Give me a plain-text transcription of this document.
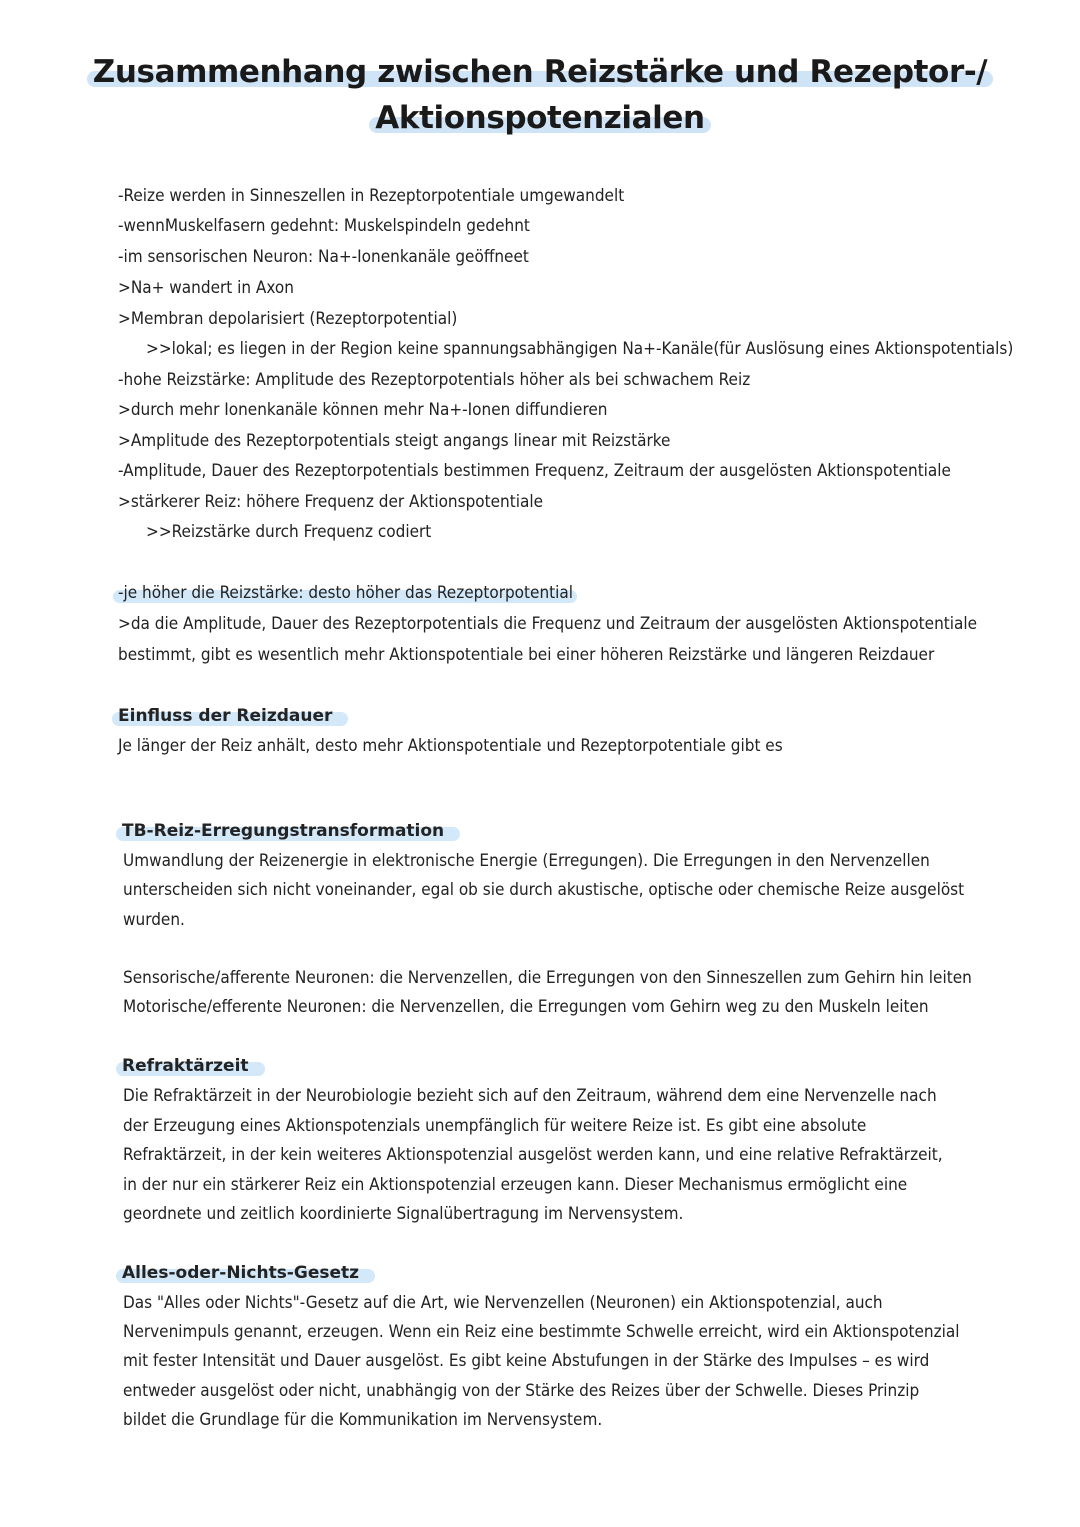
Zusammenhang zwischen Reizstärke und Rezeptor-/
Aktionspotenzialen

-Reize werden in Sinneszellen in Rezeptorpotentiale umgewandelt

-wennMuskelfasern gedehnt: Muskelspindeln gedehnt

-im sensorischen Neuron: Na+-Ionenkanäle geöffneet

>Na+ wandert in Axon

>Membran depolarisiert (Rezeptorpotential)

>>lokal; es liegen in der Region keine spannungsabhängigen Na+-Kanäle(für Auslösung eines Aktionspotentials)

-hohe Reizstärke: Amplitude des Rezeptorpotentials höher als bei schwachem Reiz

>durch mehr Ionenkanäle können mehr Na+-Ionen diffundieren

>Amplitude des Rezeptorpotentials steigt angangs linear mit Reizstärke

-Amplitude, Dauer des Rezeptorpotentials bestimmen Frequenz, Zeitraum der ausgelösten Aktionspotentiale

>stärkerer Reiz: höhere Frequenz der Aktionspotentiale

>>Reizstärke durch Frequenz codiert

-je höher die Reizstärke: desto höher das Rezeptorpotential

>da die Amplitude, Dauer des Rezeptorpotentials die Frequenz und Zeitraum der ausgelösten Aktionspotentiale

bestimmt, gibt es wesentlich mehr Aktionspotentiale bei einer höheren Reizstärke und längeren Reizdauer

Einfluss der Reizdauer

Je länger der Reiz anhält, desto mehr Aktionspotentiale und Rezeptorpotentiale gibt es

TB-Reiz-Erregungstransformation

Umwandlung der Reizenergie in elektronische Energie (Erregungen). Die Erregungen in den Nervenzellen

unterscheiden sich nicht voneinander, egal ob sie durch akustische, optische oder chemische Reize ausgelöst

wurden.

Sensorische/afferente Neuronen: die Nervenzellen, die Erregungen von den Sinneszellen zum Gehirn hin leiten

Motorische/efferente Neuronen: die Nervenzellen, die Erregungen vom Gehirn weg zu den Muskeln leiten

Refraktärzeit

Die Refraktärzeit in der Neurobiologie bezieht sich auf den Zeitraum, während dem eine Nervenzelle nach

der Erzeugung eines Aktionspotenzials unempfänglich für weitere Reize ist. Es gibt eine absolute

Refraktärzeit, in der kein weiteres Aktionspotenzial ausgelöst werden kann, und eine relative Refraktärzeit,

in der nur ein stärkerer Reiz ein Aktionspotenzial erzeugen kann. Dieser Mechanismus ermöglicht eine

geordnete und zeitlich koordinierte Signalübertragung im Nervensystem.

Alles-oder-Nichts-Gesetz

Das "Alles oder Nichts"-Gesetz auf die Art, wie Nervenzellen (Neuronen) ein Aktionspotenzial, auch

Nervenimpuls genannt, erzeugen. Wenn ein Reiz eine bestimmte Schwelle erreicht, wird ein Aktionspotenzial

mit fester Intensität und Dauer ausgelöst. Es gibt keine Abstufungen in der Stärke des Impulses – es wird

entweder ausgelöst oder nicht, unabhängig von der Stärke des Reizes über der Schwelle. Dieses Prinzip

bildet die Grundlage für die Kommunikation im Nervensystem.
